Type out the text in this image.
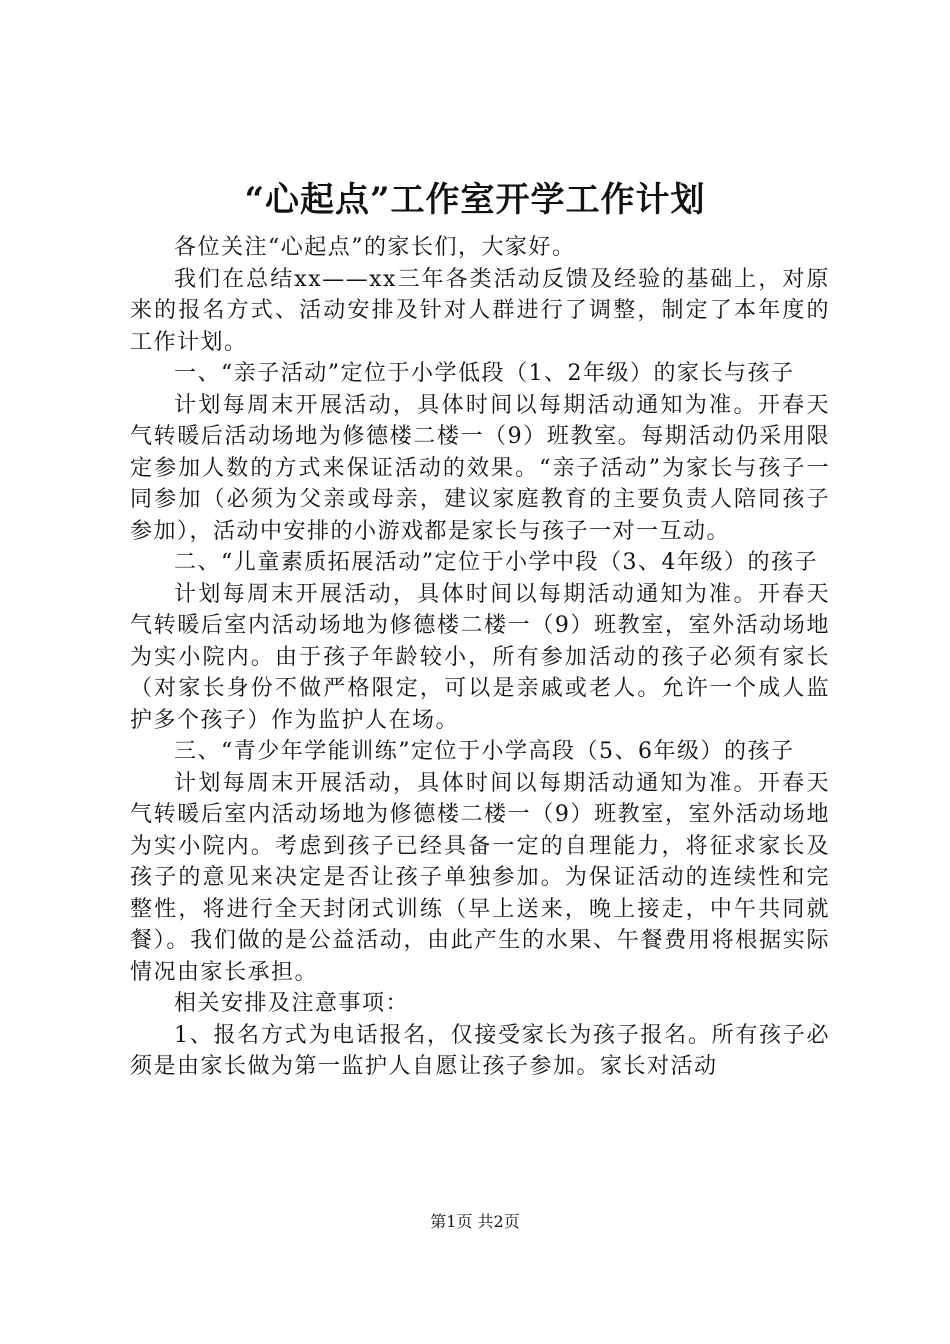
“心起点”工作室开学工作计划

各位关注“心起点”的家长们，大家好。

我们在总结xx——xx三年各类活动反馈及经验的基础上，对原来的报名方式、活动安排及针对人群进行了调整，制定了本年度的工作计划。

一、“亲子活动”定位于小学低段（1、2年级）的家长与孩子

计划每周末开展活动，具体时间以每期活动通知为准。开春天气转暖后活动场地为修德楼二楼一（9）班教室。每期活动仍采用限定参加人数的方式来保证活动的效果。“亲子活动”为家长与孩子一同参加（必须为父亲或母亲，建议家庭教育的主要负责人陪同孩子参加），活动中安排的小游戏都是家长与孩子一对一互动。

二、“儿童素质拓展活动”定位于小学中段（3、4年级）的孩子

计划每周末开展活动，具体时间以每期活动通知为准。开春天气转暖后室内活动场地为修德楼二楼一（9）班教室，室外活动场地为实小院内。由于孩子年龄较小，所有参加活动的孩子必须有家长（对家长身份不做严格限定，可以是亲戚或老人。允许一个成人监护多个孩子）作为监护人在场。

三、“青少年学能训练”定位于小学高段（5、6年级）的孩子

计划每周末开展活动，具体时间以每期活动通知为准。开春天气转暖后室内活动场地为修德楼二楼一（9）班教室，室外活动场地为实小院内。考虑到孩子已经具备一定的自理能力，将征求家长及孩子的意见来决定是否让孩子单独参加。为保证活动的连续性和完整性，将进行全天封闭式训练（早上送来，晚上接走，中午共同就餐）。我们做的是公益活动，由此产生的水果、午餐费用将根据实际情况由家长承担。

相关安排及注意事项：

1、报名方式为电话报名，仅接受家长为孩子报名。所有孩子必须是由家长做为第一监护人自愿让孩子参加。家长对活动

第1页 共2页
